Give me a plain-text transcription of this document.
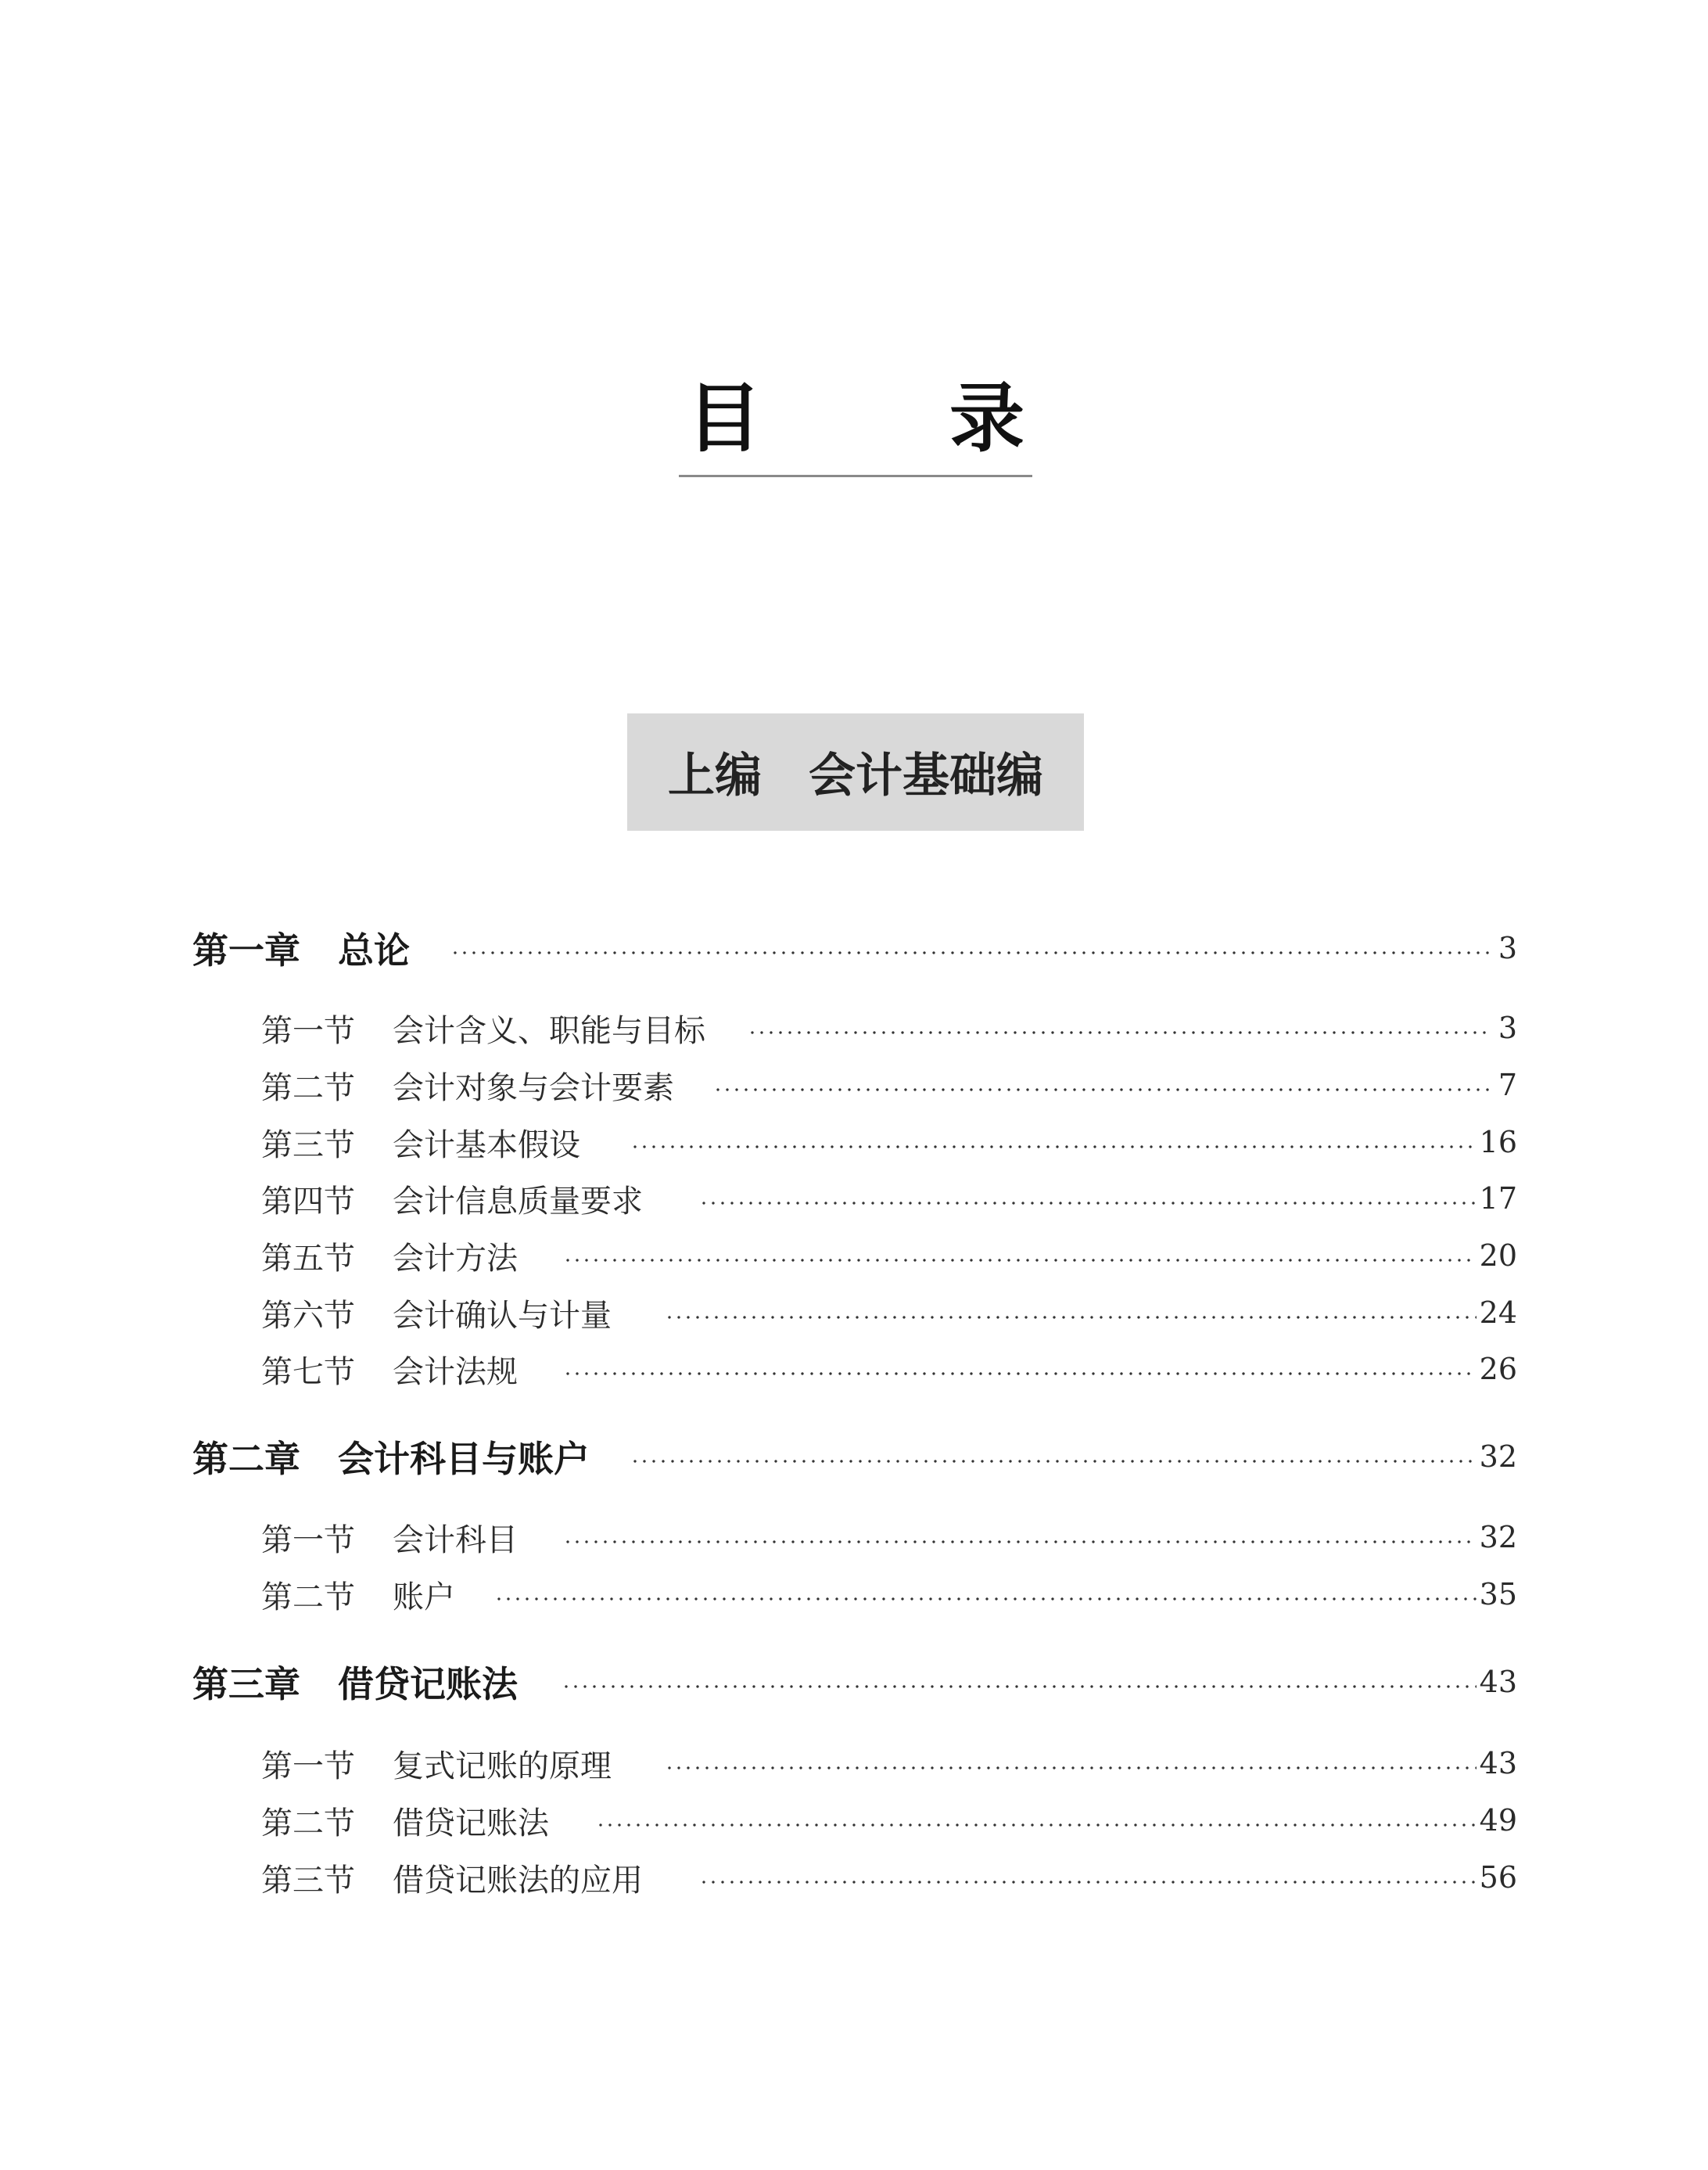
目	录
上编　会计基础编
第一章 总论	3
第一节 会计含义、职能与目标	3
第二节 会计对象与会计要素	7
第三节 会计基本假设	16
第四节 会计信息质量要求	17
第五节 会计方法	20
第六节 会计确认与计量	24
第七节 会计法规	26
第二章 会计科目与账户	32
第一节 会计科目	32
第二节 账户	35
第三章 借贷记账法	43
第一节 复式记账的原理	43
第二节 借贷记账法	49
第三节 借贷记账法的应用	56
